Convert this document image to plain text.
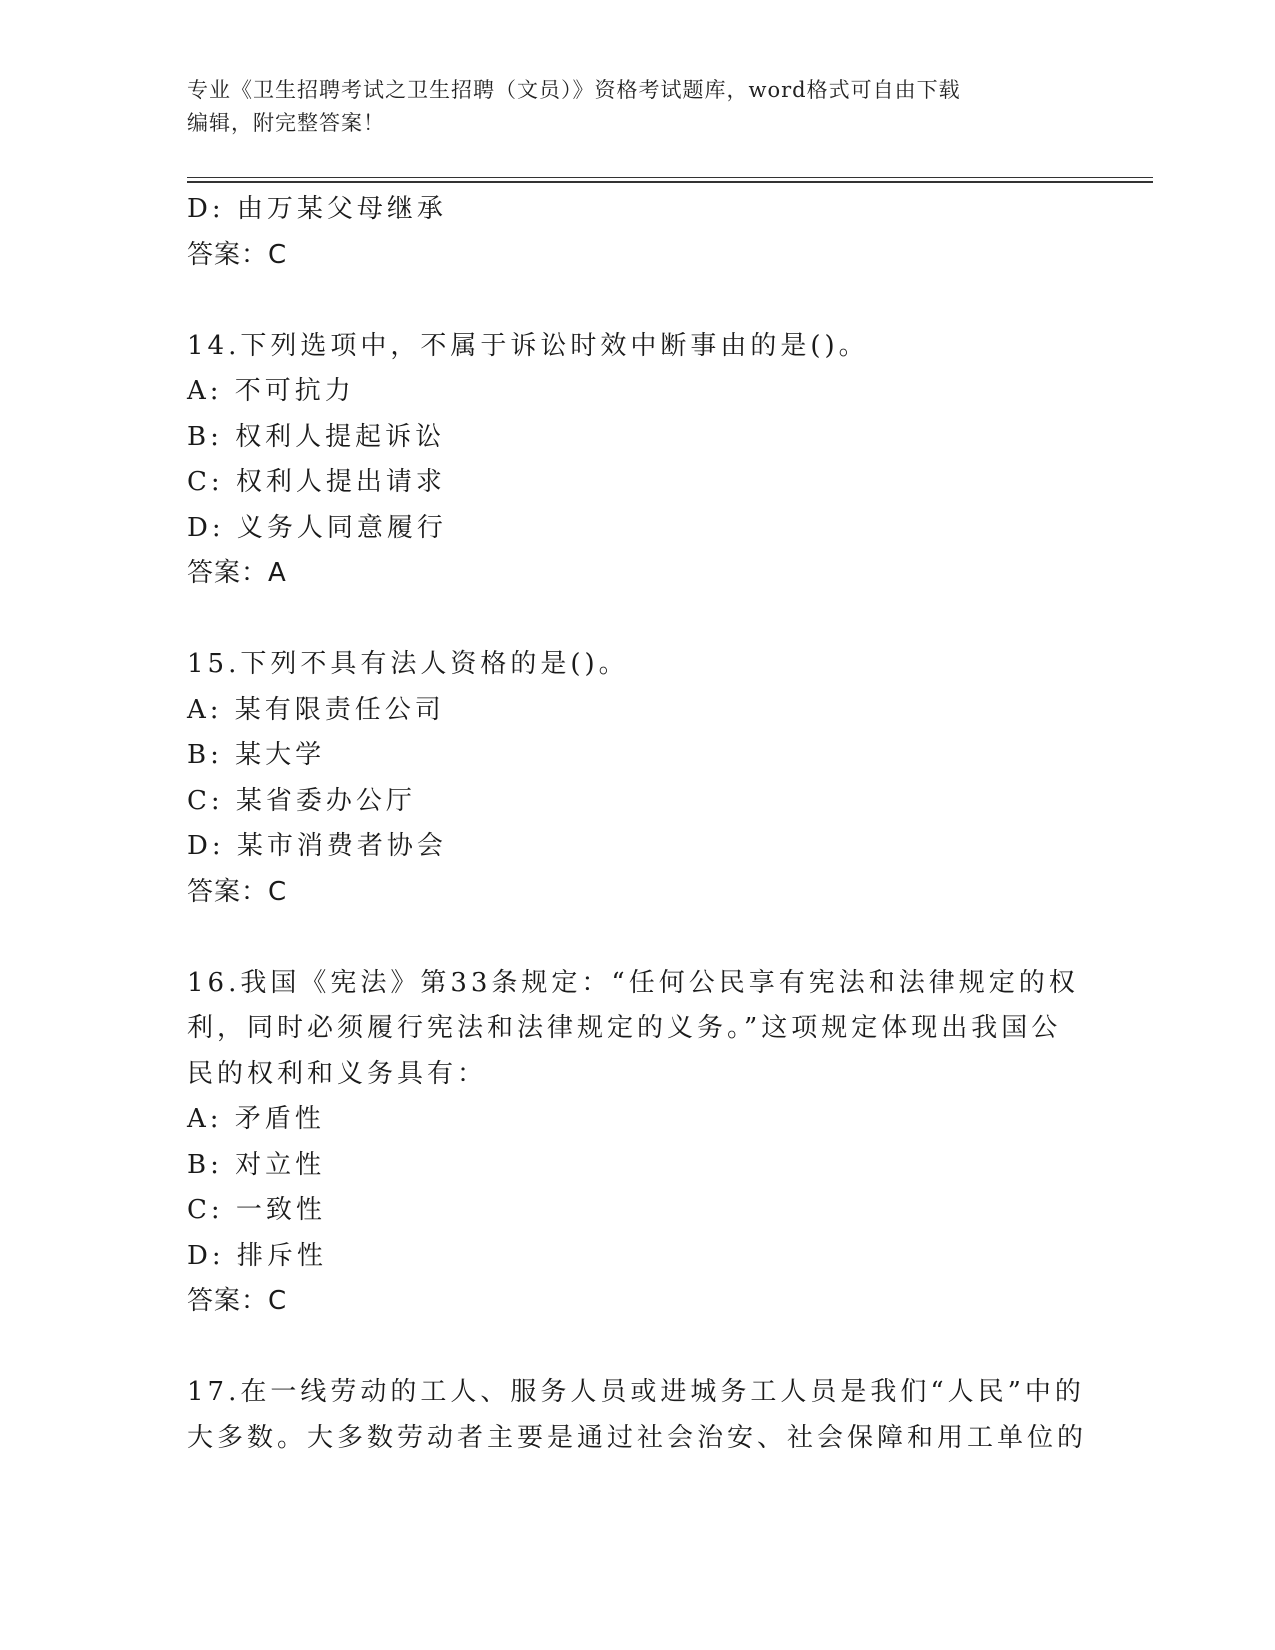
专业《卫生招聘考试之卫生招聘（文员）》资格考试题库，word格式可自由下载
编辑，附完整答案！
D: 由万某父母继承
答案：C
14.下列选项中，不属于诉讼时效中断事由的是()。
A: 不可抗力
B: 权利人提起诉讼
C: 权利人提出请求
D: 义务人同意履行
答案：A
15.下列不具有法人资格的是()。
A: 某有限责任公司
B: 某大学
C: 某省委办公厅
D: 某市消费者协会
答案：C
16.我国《宪法》第33条规定：“任何公民享有宪法和法律规定的权
利，同时必须履行宪法和法律规定的义务。”这项规定体现出我国公
民的权利和义务具有：
A: 矛盾性
B: 对立性
C: 一致性
D: 排斥性
答案：C
17.在一线劳动的工人、服务人员或进城务工人员是我们“人民”中的
大多数。大多数劳动者主要是通过社会治安、社会保障和用工单位的
